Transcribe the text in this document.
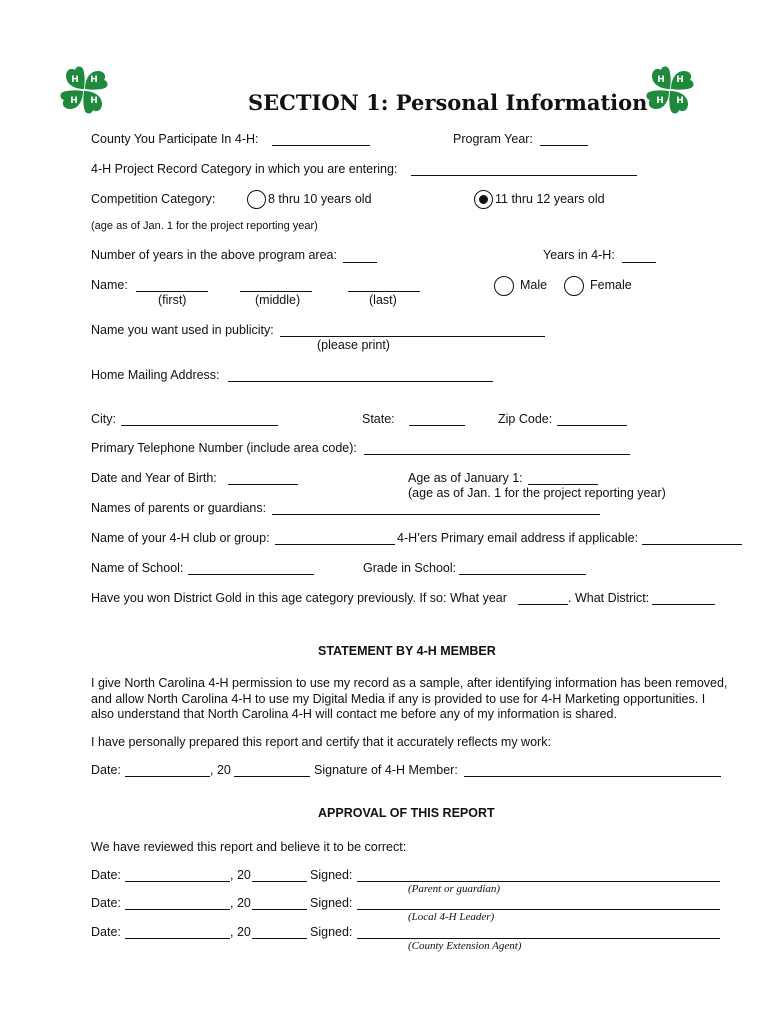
H H
H
H
H H
H
H
SECTION 1: Personal Information
County You Participate In 4-H:	Program Year:
4-H Project Record Category in which you are entering:
Competition Category:	8 thru 10 years old	11 thru 12 years old
(age as of Jan. 1 for the project reporting year)
Number of years in the above program area:	Years in 4-H:
Name:
(first)	(middle)	(last)
Male	Female
Name you want used in publicity:
(please print)
Home Mailing Address:
City:	State:	Zip Code:
Primary Telephone Number (include area code):
Date and Year of Birth:	Age as of January 1:
(age as of Jan. 1 for the project reporting year)
Names of parents or guardians:
Name of your 4-H club or group:	4-H’ers Primary email address if applicable:
Name of School:	Grade in School:
Have you won District Gold in this age category previously. If so: What year	. What District:
STATEMENT BY 4-H MEMBER
I give North Carolina 4-H permission to use my record as a sample, after identifying information has been removed, and allow North Carolina 4-H to use my Digital Media if any is provided to use for 4-H Marketing opportunities. I also understand that North Carolina 4-H will contact me before any of my information is shared.
I have personally prepared this report and certify that it accurately reflects my work:
Date:	, 20	Signature of 4-H Member:
APPROVAL OF THIS REPORT
We have reviewed this report and believe it to be correct:
Date:	, 20	Signed:
(Parent or guardian)
Date:	, 20	Signed:
(Local 4-H Leader)
Date:	, 20	Signed:
(County Extension Agent)
